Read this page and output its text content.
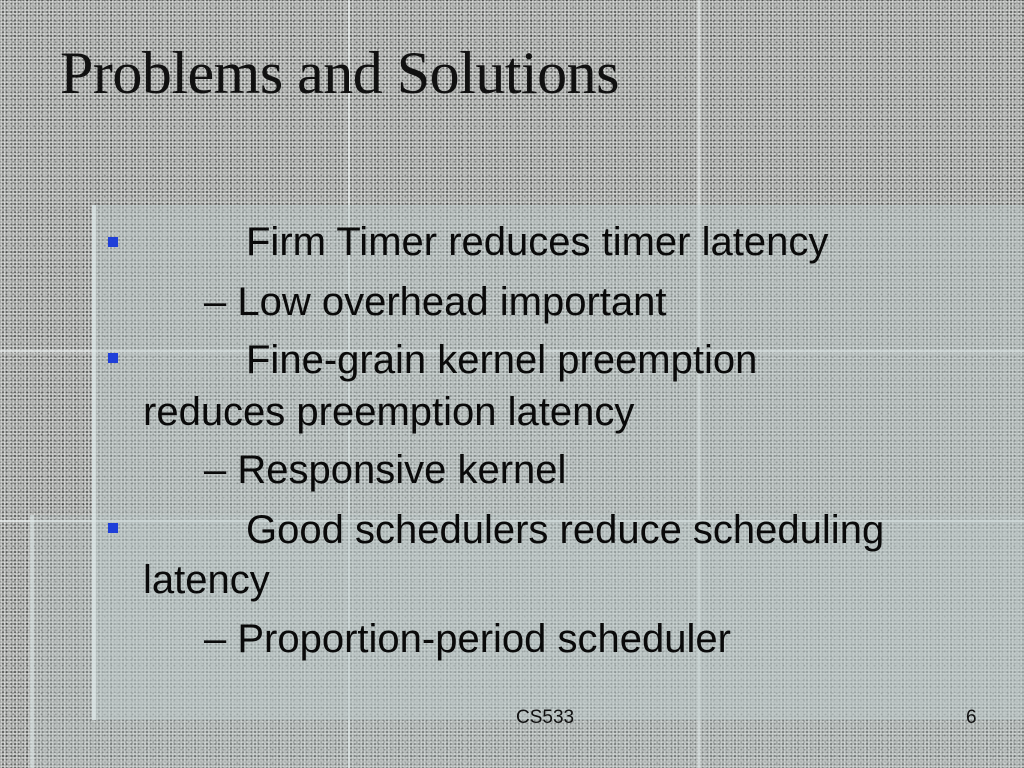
Problems and Solutions
Firm Timer reduces timer latency
– Low overhead important
Fine-grain kernel preemption
reduces preemption latency
– Responsive kernel
Good schedulers reduce scheduling
latency
– Proportion-period scheduler
CS533	6
